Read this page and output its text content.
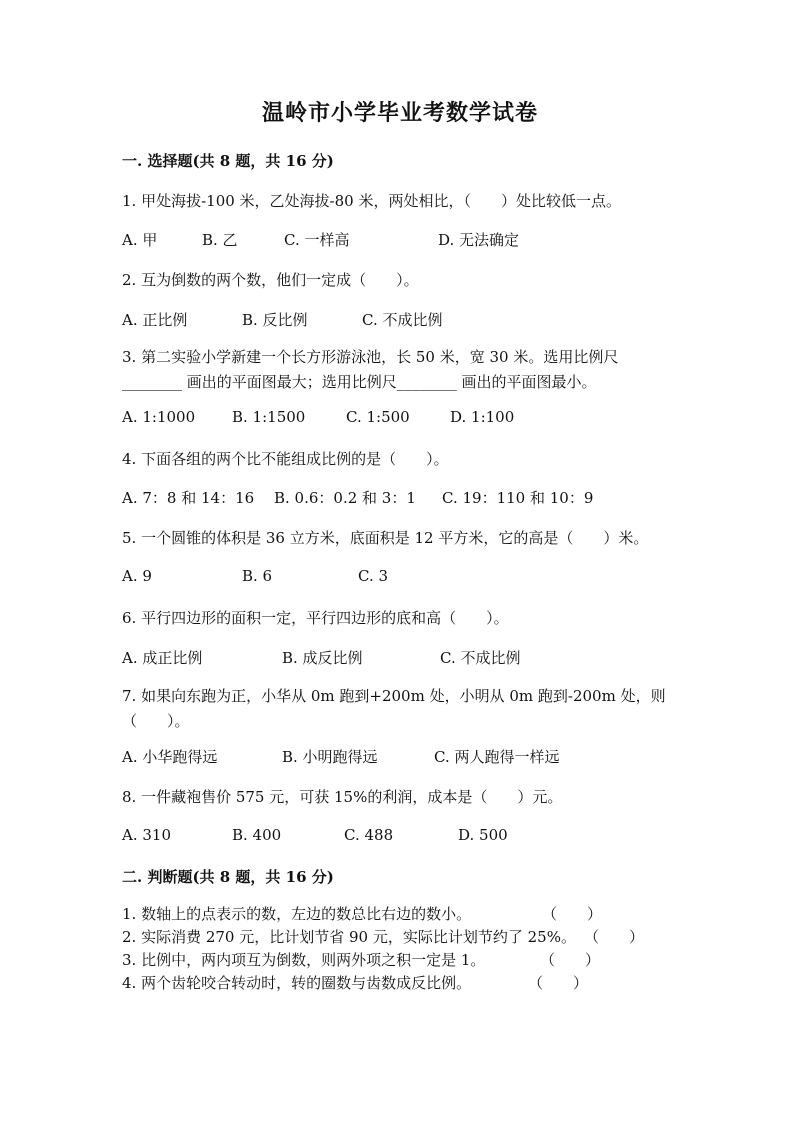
温岭市小学毕业考数学试卷
一. 选择题(共 8 题，共 16 分)
1. 甲处海拔-100 米，乙处海拔-80 米，两处相比，（　　）处比较低一点。
A. 甲	B. 乙	C. 一样高	D. 无法确定
2. 互为倒数的两个数，他们一定成（　　）。
A. 正比例	B. 反比例	C. 不成比例
3. 第二实验小学新建一个长方形游泳池，长 50 米，宽 30 米。选用比例尺
________ 画出的平面图最大；选用比例尺________ 画出的平面图最小。
A. 1:1000 B. 1:1500	C. 1:500	D. 1:100
4. 下面各组的两个比不能组成比例的是（　　）。
A. 7：8 和 14：16 B. 0.6：0.2 和 3：1 C. 19：110 和 10：9
5. 一个圆锥的体积是 36 立方米，底面积是 12 平方米，它的高是（　　）米。
A. 9	B. 6	C. 3
6. 平行四边形的面积一定，平行四边形的底和高（　　）。
A. 成正比例	B. 成反比例	C. 不成比例
7. 如果向东跑为正，小华从 0m 跑到+200m 处，小明从 0m 跑到-200m 处，则
（　　）。
A. 小华跑得远	B. 小明跑得远	C. 两人跑得一样远
8. 一件藏袍售价 575 元，可获 15%的利润，成本是（　　）元。
A. 310	B. 400	C. 488	D. 500
二. 判断题(共 8 题，共 16 分)
1. 数轴上的点表示的数，左边的数总比右边的数小。	（　　）
2. 实际消费 270 元，比计划节省 90 元，实际比计划节约了 25%。 （　　）
3. 比例中，两内项互为倒数，则两外项之积一定是 1。	（　　）
4. 两个齿轮咬合转动时，转的圈数与齿数成反比例。	（　　）
